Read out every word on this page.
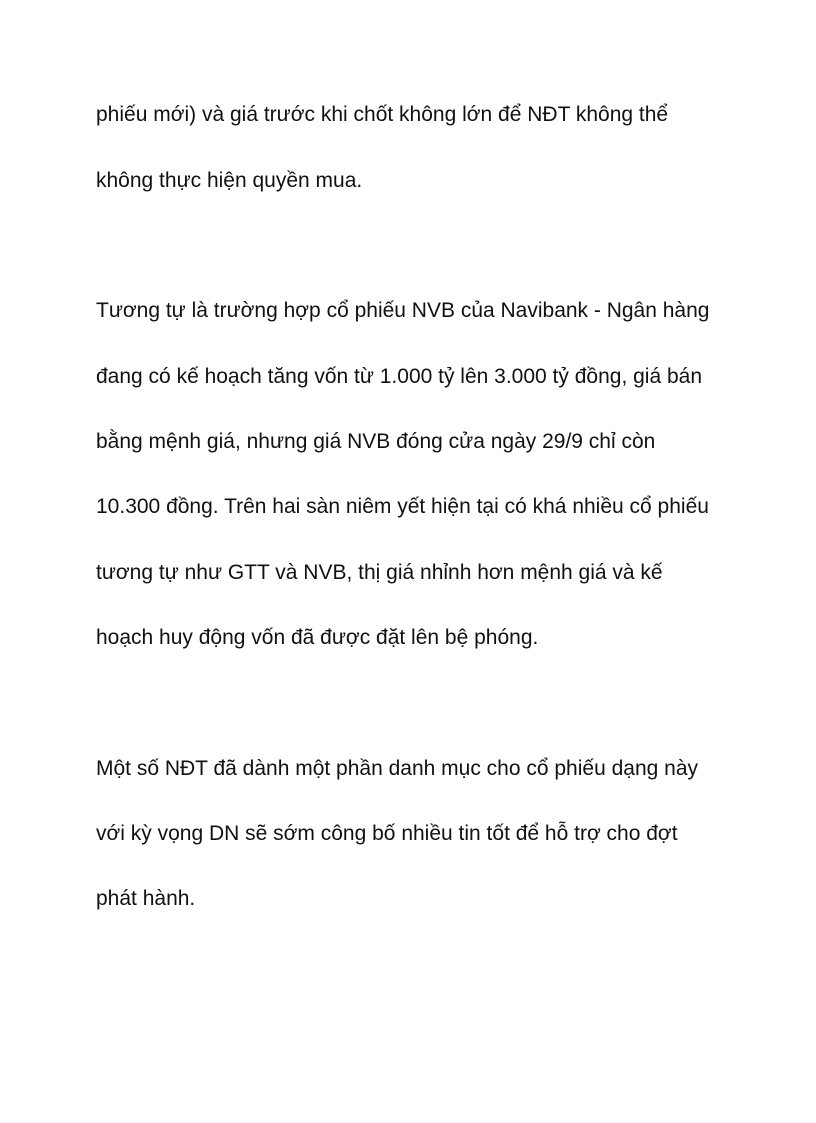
phiếu mới) và giá trước khi chốt không lớn để NĐT không thể

không thực hiện quyền mua.

Tương tự là trường hợp cổ phiếu NVB của Navibank - Ngân hàng

đang có kế hoạch tăng vốn từ 1.000 tỷ lên 3.000 tỷ đồng, giá bán

bằng mệnh giá, nhưng giá NVB đóng cửa ngày 29/9 chỉ còn

10.300 đồng. Trên hai sàn niêm yết hiện tại có khá nhiều cổ phiếu

tương tự như GTT và NVB, thị giá nhỉnh hơn mệnh giá và kế

hoạch huy động vốn đã được đặt lên bệ phóng.

Một số NĐT đã dành một phần danh mục cho cổ phiếu dạng này

với kỳ vọng DN sẽ sớm công bố nhiều tin tốt để hỗ trợ cho đợt

phát hành.
